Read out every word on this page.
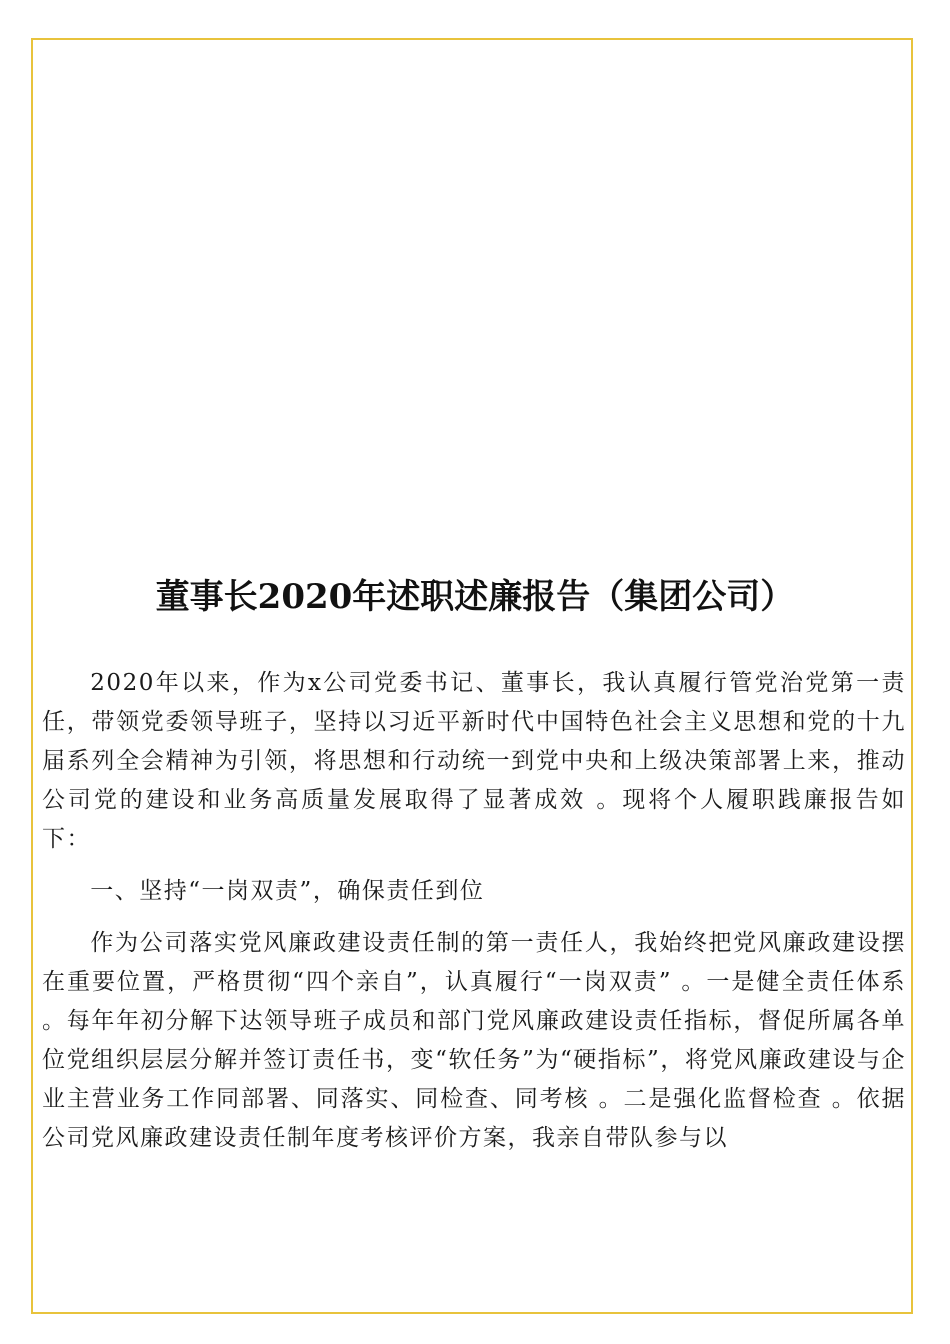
董事长2020年述职述廉报告（集团公司）

2020年以来，作为x公司党委书记、董事长，我认真履行管党治党第一责任，带领党委领导班子，坚持以习近平新时代中国特色社会主义思想和党的十九届系列全会精神为引领，将思想和行动统一到党中央和上级决策部署上来，推动公司党的建设和业务高质量发展取得了显著成效 。现将个人履职践廉报告如下：

一、坚持“一岗双责”，确保责任到位

作为公司落实党风廉政建设责任制的第一责任人，我始终把党风廉政建设摆在重要位置，严格贯彻“四个亲自”，认真履行“一岗双责” 。一是健全责任体系 。每年年初分解下达领导班子成员和部门党风廉政建设责任指标，督促所属各单位党组织层层分解并签订责任书，变“软任务”为“硬指标”，将党风廉政建设与企业主营业务工作同部署、同落实、同检查、同考核 。二是强化监督检查 。依据公司党风廉政建设责任制年度考核评价方案，我亲自带队参与以
